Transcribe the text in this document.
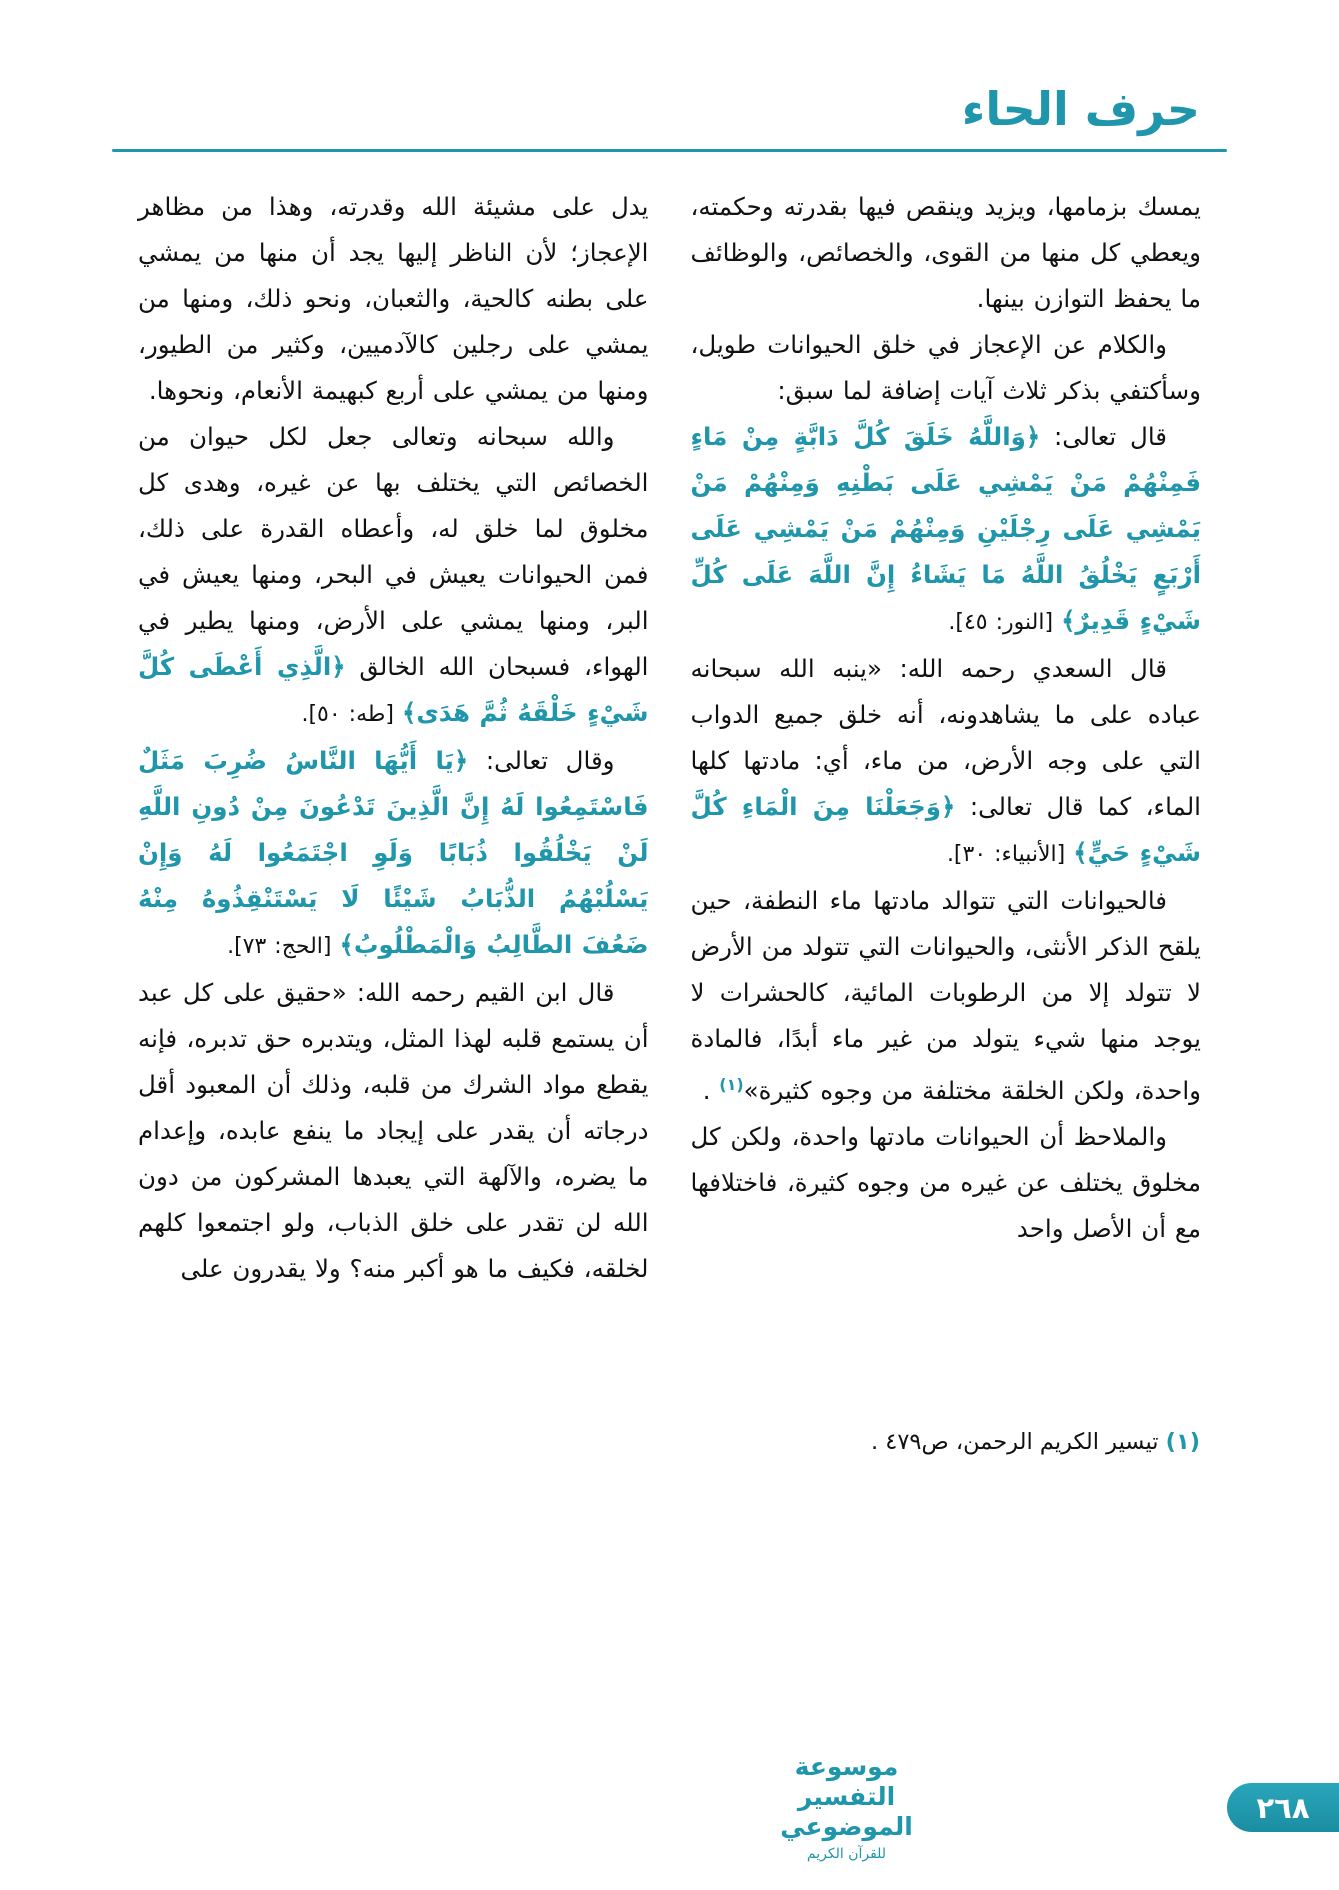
حرف الحاء

يمسك بزمامها، ويزيد وينقص فيها بقدرته وحكمته، ويعطي كل منها من القوى، والخصائص، والوظائف ما يحفظ التوازن بينها.

والكلام عن الإعجاز في خلق الحيوانات طويل، وسأكتفي بذكر ثلاث آيات إضافة لما سبق:

قال تعالى: ﴿وَاللَّهُ خَلَقَ كُلَّ دَابَّةٍ مِنْ مَاءٍ فَمِنْهُمْ مَنْ يَمْشِي عَلَى بَطْنِهِ وَمِنْهُمْ مَنْ يَمْشِي عَلَى رِجْلَيْنِ وَمِنْهُمْ مَنْ يَمْشِي عَلَى أَرْبَعٍ يَخْلُقُ اللَّهُ مَا يَشَاءُ إِنَّ اللَّهَ عَلَى كُلِّ شَيْءٍ قَدِيرٌ﴾ [النور: ٤٥].

قال السعدي رحمه الله: «ينبه الله سبحانه عباده على ما يشاهدونه، أنه خلق جميع الدواب التي على وجه الأرض، من ماء، أي: مادتها كلها الماء، كما قال تعالى: ﴿وَجَعَلْنَا مِنَ الْمَاءِ كُلَّ شَيْءٍ حَيٍّ﴾ [الأنبياء: ٣٠].

فالحيوانات التي تتوالد مادتها ماء النطفة، حين يلقح الذكر الأنثى، والحيوانات التي تتولد من الأرض لا تتولد إلا من الرطوبات المائية، كالحشرات لا يوجد منها شيء يتولد من غير ماء أبدًا، فالمادة واحدة، ولكن الخلقة مختلفة من وجوه كثيرة»$^{(١)}$ .

والملاحظ أن الحيوانات مادتها واحدة، ولكن كل مخلوق يختلف عن غيره من وجوه كثيرة، فاختلافها مع أن الأصل واحد

يدل على مشيئة الله وقدرته، وهذا من مظاهر الإعجاز؛ لأن الناظر إليها يجد أن منها من يمشي على بطنه كالحية، والثعبان، ونحو ذلك، ومنها من يمشي على رجلين كالآدميين، وكثير من الطيور، ومنها من يمشي على أربع كبهيمة الأنعام، ونحوها.

والله سبحانه وتعالى جعل لكل حيوان من الخصائص التي يختلف بها عن غيره، وهدى كل مخلوق لما خلق له، وأعطاه القدرة على ذلك، فمن الحيوانات يعيش في البحر، ومنها يعيش في البر، ومنها يمشي على الأرض، ومنها يطير في الهواء، فسبحان الله الخالق ﴿الَّذِي أَعْطَى كُلَّ شَيْءٍ خَلْقَهُ ثُمَّ هَدَى﴾ [طه: ٥٠].

وقال تعالى: ﴿يَا أَيُّهَا النَّاسُ ضُرِبَ مَثَلٌ فَاسْتَمِعُوا لَهُ إِنَّ الَّذِينَ تَدْعُونَ مِنْ دُونِ اللَّهِ لَنْ يَخْلُقُوا ذُبَابًا وَلَوِ اجْتَمَعُوا لَهُ وَإِنْ يَسْلُبْهُمُ الذُّبَابُ شَيْئًا لَا يَسْتَنْقِذُوهُ مِنْهُ ضَعُفَ الطَّالِبُ وَالْمَطْلُوبُ﴾ [الحج: ٧٣].

قال ابن القيم رحمه الله: «حقيق على كل عبد أن يستمع قلبه لهذا المثل، ويتدبره حق تدبره، فإنه يقطع مواد الشرك من قلبه، وذلك أن المعبود أقل درجاته أن يقدر على إيجاد ما ينفع عابده، وإعدام ما يضره، والآلهة التي يعبدها المشركون من دون الله لن تقدر على خلق الذباب، ولو اجتمعوا كلهم لخلقه، فكيف ما هو أكبر منه؟ ولا يقدرون على

(١) تيسير الكريم الرحمن، ص٤٧٩ .
موسوعة التفسير الموضوعي
للقرآن الكريم
٢٦٨
